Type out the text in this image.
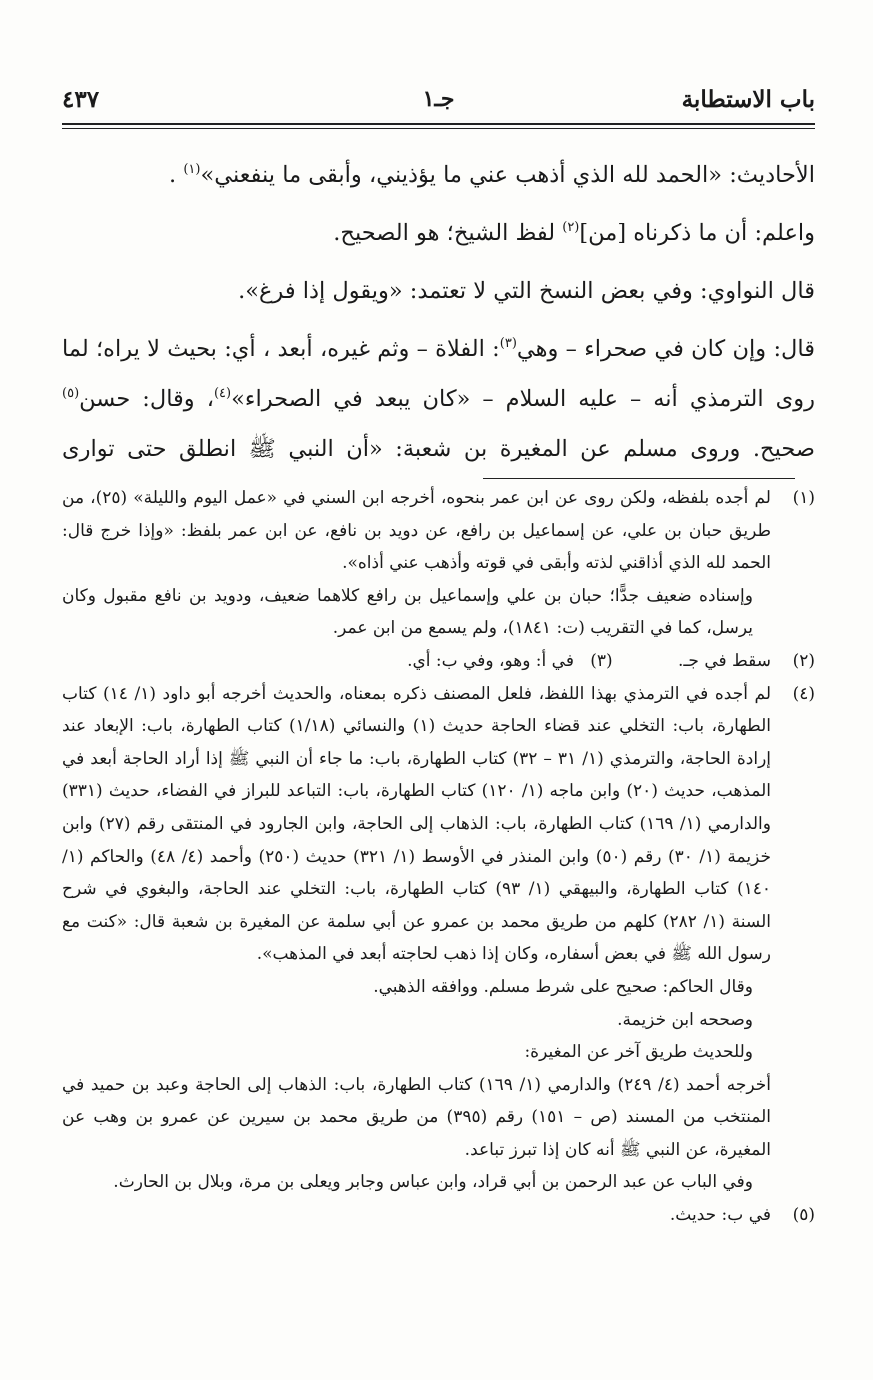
باب الاستطابة
جـ١
٤٣٧

الأحاديث: «الحمد لله الذي أذهب عني ما يؤذيني، وأبقى ما ينفعني»$^{(١)}$ .

واعلم: أن ما ذكرناه [من]$^{(٢)}$ لفظ الشيخ؛ هو الصحيح.

قال النواوي: وفي بعض النسخ التي لا تعتمد: «ويقول إذا فرغ».

قال: وإن كان في صحراء – وهي$^{(٣)}$: الفلاة – وثم غيره، أبعد ، أي: بحيث لا يراه؛ لما روى الترمذي أنه – عليه السلام – «كان يبعد في الصحراء»$^{(٤)}$، وقال: حسن$^{(٥)}$ صحيح. وروى مسلم عن المغيرة بن شعبة: «أن النبي ﷺ انطلق حتى توارى

(١)

لم أجده بلفظه، ولكن روى عن ابن عمر بنحوه، أخرجه ابن السني في «عمل اليوم والليلة» (٢٥)، من طريق حبان بن علي، عن إسماعيل بن رافع، عن دويد بن نافع، عن ابن عمر بلفظ: «وإذا خرج قال: الحمد لله الذي أذاقني لذته وأبقى في قوته وأذهب عني أذاه».

وإسناده ضعيف جدًّا؛ حبان بن علي وإسماعيل بن رافع كلاهما ضعيف، ودويد بن نافع مقبول وكان يرسل، كما في التقريب (ت: ١٨٤١)، ولم يسمع من ابن عمر.

(٢)

سقط في جـ. (٣)   في أ: وهو، وفي ب: أي.

(٤)

لم أجده في الترمذي بهذا اللفظ، فلعل المصنف ذكره بمعناه، والحديث أخرجه أبو داود (١/ ١٤) كتاب الطهارة، باب: التخلي عند قضاء الحاجة حديث (١) والنسائي (١/١٨) كتاب الطهارة، باب: الإبعاد عند إرادة الحاجة، والترمذي (١/ ٣١ – ٣٢) كتاب الطهارة، باب: ما جاء أن النبي ﷺ إذا أراد الحاجة أبعد في المذهب، حديث (٢٠) وابن ماجه (١/ ١٢٠) كتاب الطهارة، باب: التباعد للبراز في الفضاء، حديث (٣٣١) والدارمي (١/ ١٦٩) كتاب الطهارة، باب: الذهاب إلى الحاجة، وابن الجارود في المنتقى رقم (٢٧) وابن خزيمة (١/ ٣٠) رقم (٥٠) وابن المنذر في الأوسط (١/ ٣٢١) حديث (٢٥٠) وأحمد (٤/ ٤٨) والحاكم (١/ ١٤٠) كتاب الطهارة، والبيهقي (١/ ٩٣) كتاب الطهارة، باب: التخلي عند الحاجة، والبغوي في شرح السنة (١/ ٢٨٢) كلهم من طريق محمد بن عمرو عن أبي سلمة عن المغيرة بن شعبة قال: «كنت مع رسول الله ﷺ في بعض أسفاره، وكان إذا ذهب لحاجته أبعد في المذهب».

وقال الحاكم: صحيح على شرط مسلم. ووافقه الذهبي.

وصححه ابن خزيمة.

وللحديث طريق آخر عن المغيرة:

أخرجه أحمد (٤/ ٢٤٩) والدارمي (١/ ١٦٩) كتاب الطهارة، باب: الذهاب إلى الحاجة وعبد بن حميد في المنتخب من المسند (ص – ١٥١) رقم (٣٩٥) من طريق محمد بن سيرين عن عمرو بن وهب عن المغيرة، عن النبي ﷺ أنه كان إذا تبرز تباعد.

وفي الباب عن عبد الرحمن بن أبي قراد، وابن عباس وجابر ويعلى بن مرة، وبلال بن الحارث.

(٥)

في ب: حديث.
